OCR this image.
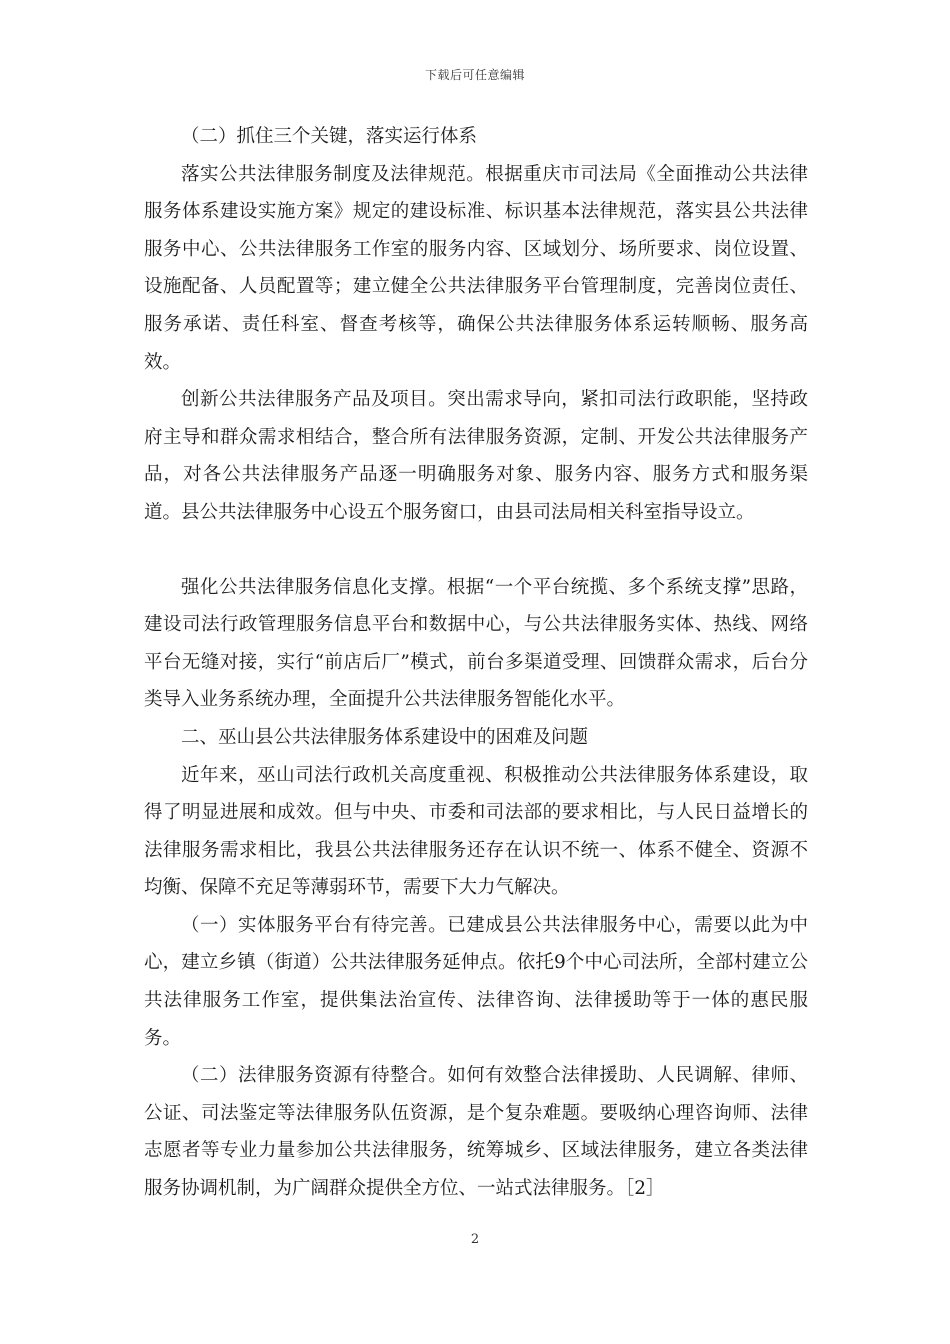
下载后可任意编辑

（二）抓住三个关键，落实运行体系

落实公共法律服务制度及法律规范。根据重庆市司法局《全面推动公共法律服务体系建设实施方案》规定的建设标准、标识基本法律规范，落实县公共法律服务中心、公共法律服务工作室的服务内容、区域划分、场所要求、岗位设置、设施配备、人员配置等；建立健全公共法律服务平台管理制度，完善岗位责任、服务承诺、责任科室、督查考核等，确保公共法律服务体系运转顺畅、服务高效。

创新公共法律服务产品及项目。突出需求导向，紧扣司法行政职能，坚持政府主导和群众需求相结合，整合所有法律服务资源，定制、开发公共法律服务产品，对各公共法律服务产品逐一明确服务对象、服务内容、服务方式和服务渠道。县公共法律服务中心设五个服务窗口，由县司法局相关科室指导设立。

强化公共法律服务信息化支撑。根据“一个平台统揽、多个系统支撑”思路，建设司法行政管理服务信息平台和数据中心，与公共法律服务实体、热线、网络平台无缝对接，实行“前店后厂”模式，前台多渠道受理、回馈群众需求，后台分类导入业务系统办理，全面提升公共法律服务智能化水平。

二、巫山县公共法律服务体系建设中的困难及问题

近年来，巫山司法行政机关高度重视、积极推动公共法律服务体系建设，取得了明显进展和成效。但与中央、市委和司法部的要求相比，与人民日益增长的法律服务需求相比，我县公共法律服务还存在认识不统一、体系不健全、资源不均衡、保障不充足等薄弱环节，需要下大力气解决。

（一）实体服务平台有待完善。已建成县公共法律服务中心，需要以此为中心，建立乡镇（街道）公共法律服务延伸点。依托9个中心司法所，全部村建立公共法律服务工作室，提供集法治宣传、法律咨询、法律援助等于一体的惠民服务。

（二）法律服务资源有待整合。如何有效整合法律援助、人民调解、律师、公证、司法鉴定等法律服务队伍资源，是个复杂难题。要吸纳心理咨询师、法律志愿者等专业力量参加公共法律服务，统筹城乡、区域法律服务，建立各类法律服务协调机制，为广阔群众提供全方位、一站式法律服务。［2］

2
